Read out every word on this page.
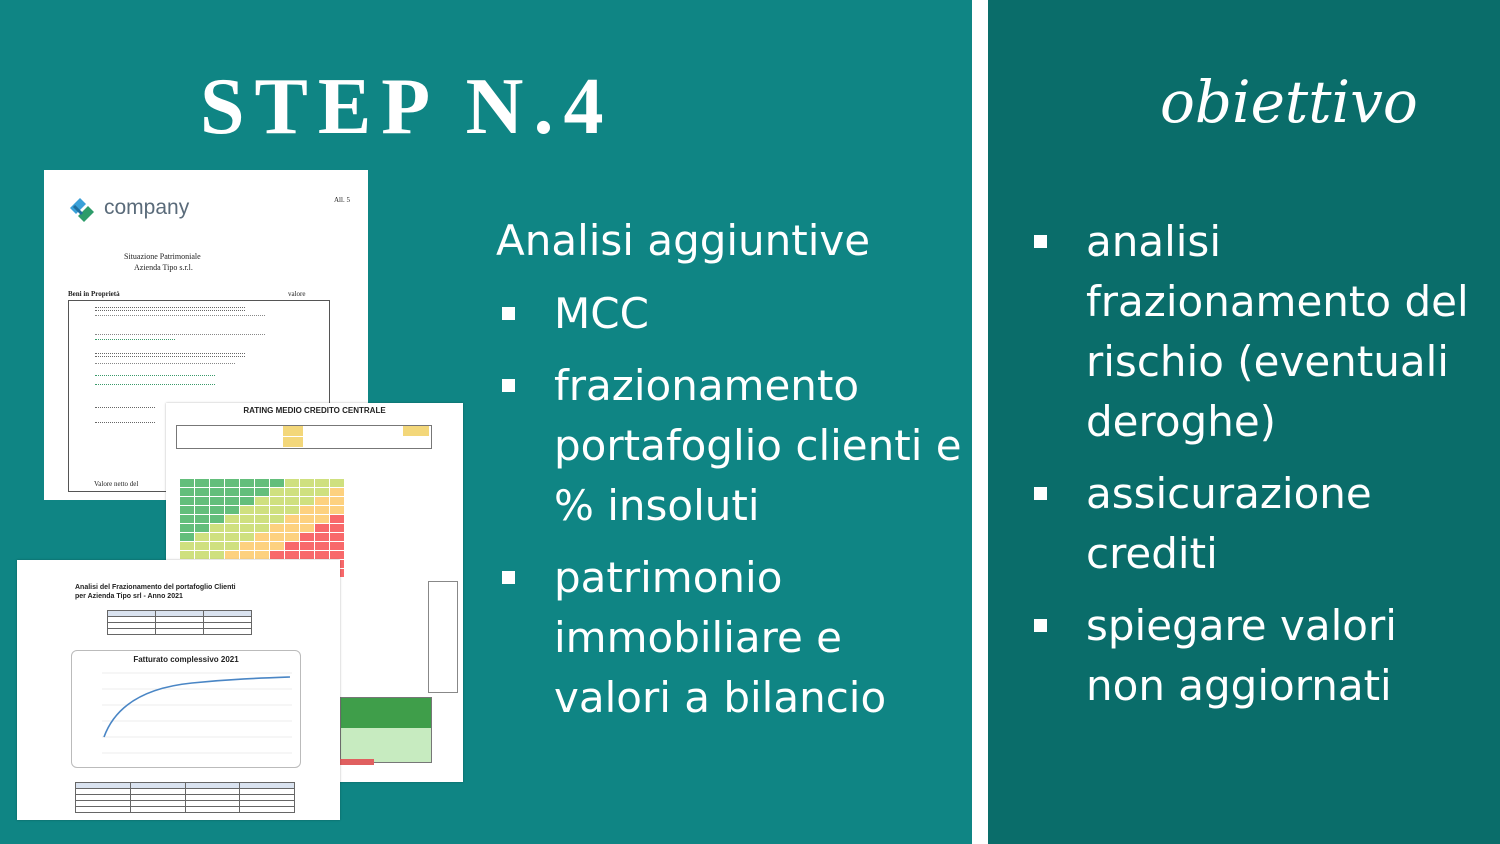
STEP N.4
company	All. 5
Situazione Patrimoniale
Azienda Tipo s.r.l.
Beni in Proprietà	valore
Valore netto del
RATING MEDIO CREDITO CENTRALE
Analisi del Frazionamento del portafoglio Clienti
per Azienda Tipo srl - Anno 2021

Fatturato complessivo 2021

Analisi aggiuntive
MCC
frazionamento portafoglio clienti e % insoluti
patrimonio immobiliare e valori a bilancio
obiettivo
analisi frazionamento del rischio (eventuali deroghe)
assicurazione crediti
spiegare valori non aggiornati
